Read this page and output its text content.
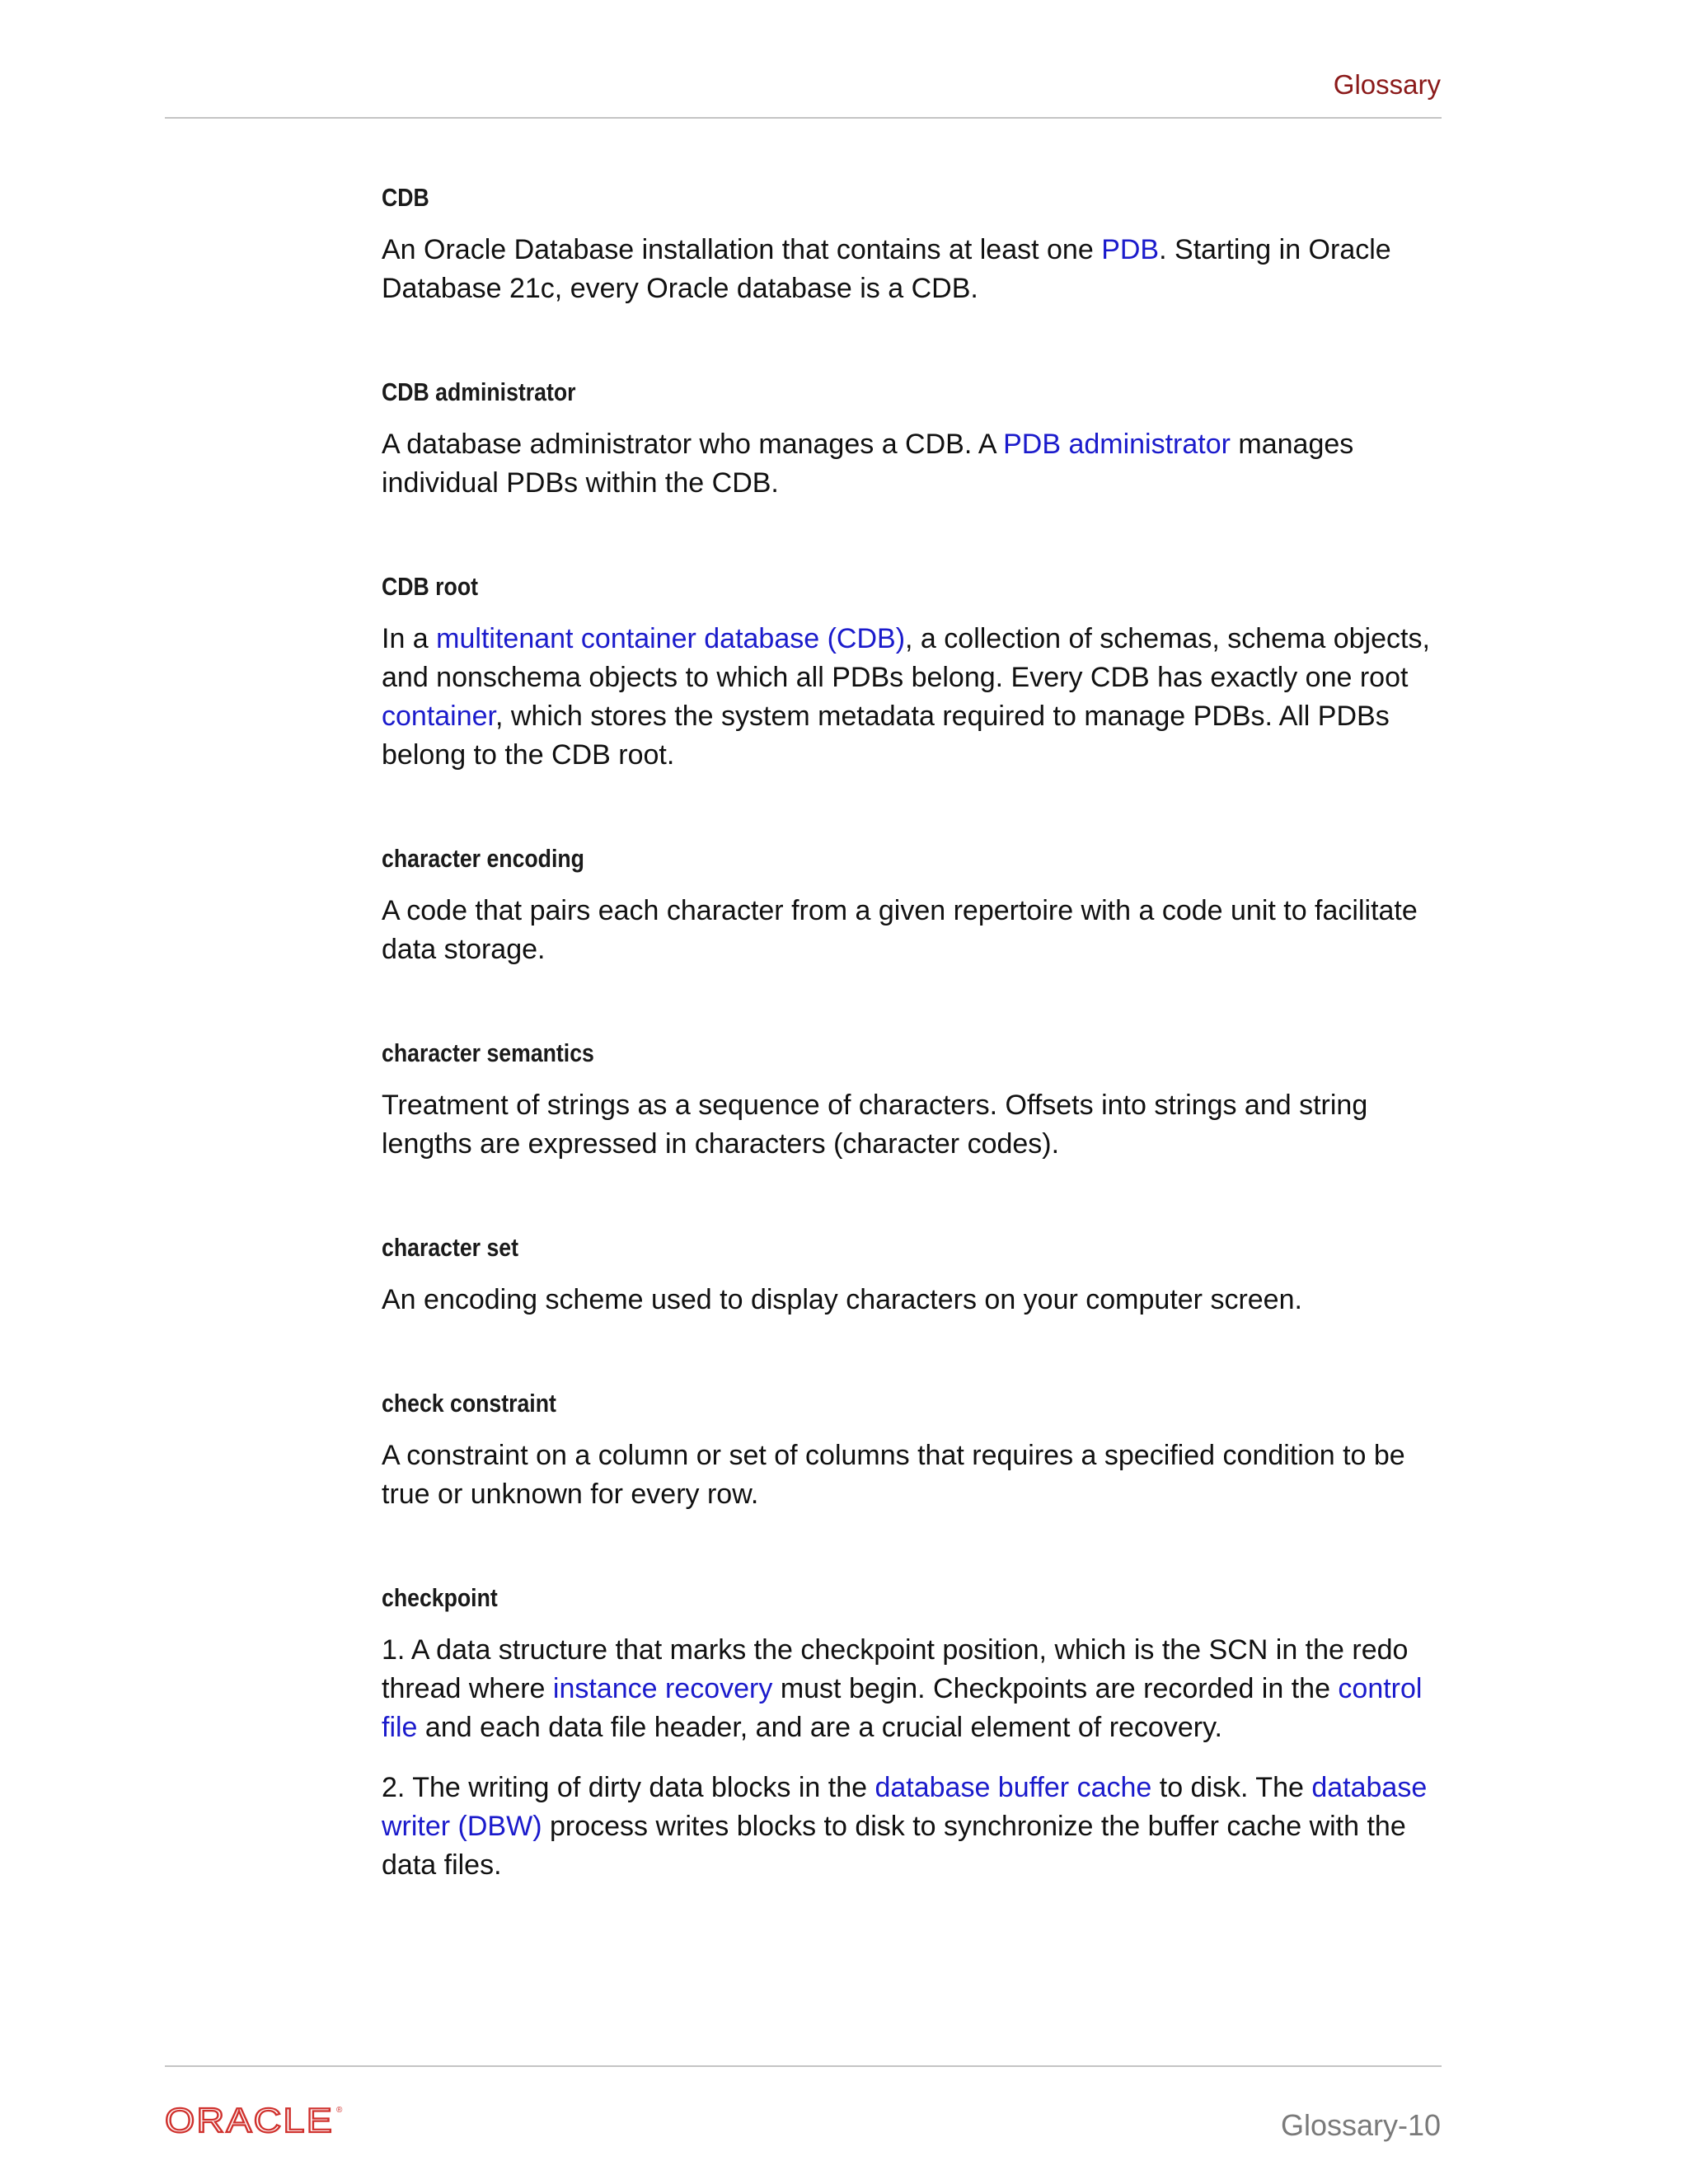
Glossary
CDB

An Oracle Database installation that contains at least one PDB. Starting in Oracle Database 21c, every Oracle database is a CDB.

CDB administrator

A database administrator who manages a CDB. A PDB administrator manages individual PDBs within the CDB.

CDB root

In a multitenant container database (CDB), a collection of schemas, schema objects, and nonschema objects to which all PDBs belong. Every CDB has exactly one root container, which stores the system metadata required to manage PDBs. All PDBs belong to the CDB root.

character encoding

A code that pairs each character from a given repertoire with a code unit to facilitate data storage.

character semantics

Treatment of strings as a sequence of characters. Offsets into strings and string lengths are expressed in characters (character codes).

character set

An encoding scheme used to display characters on your computer screen.

check constraint

A constraint on a column or set of columns that requires a specified condition to be true or unknown for every row.

checkpoint

1. A data structure that marks the checkpoint position, which is the SCN in the redo thread where instance recovery must begin. Checkpoints are recorded in the control file and each data file header, and are a crucial element of recovery.

2. The writing of dirty data blocks in the database buffer cache to disk. The database writer (DBW) process writes blocks to disk to synchronize the buffer cache with the data files.

ORACLE ®	Glossary-10
